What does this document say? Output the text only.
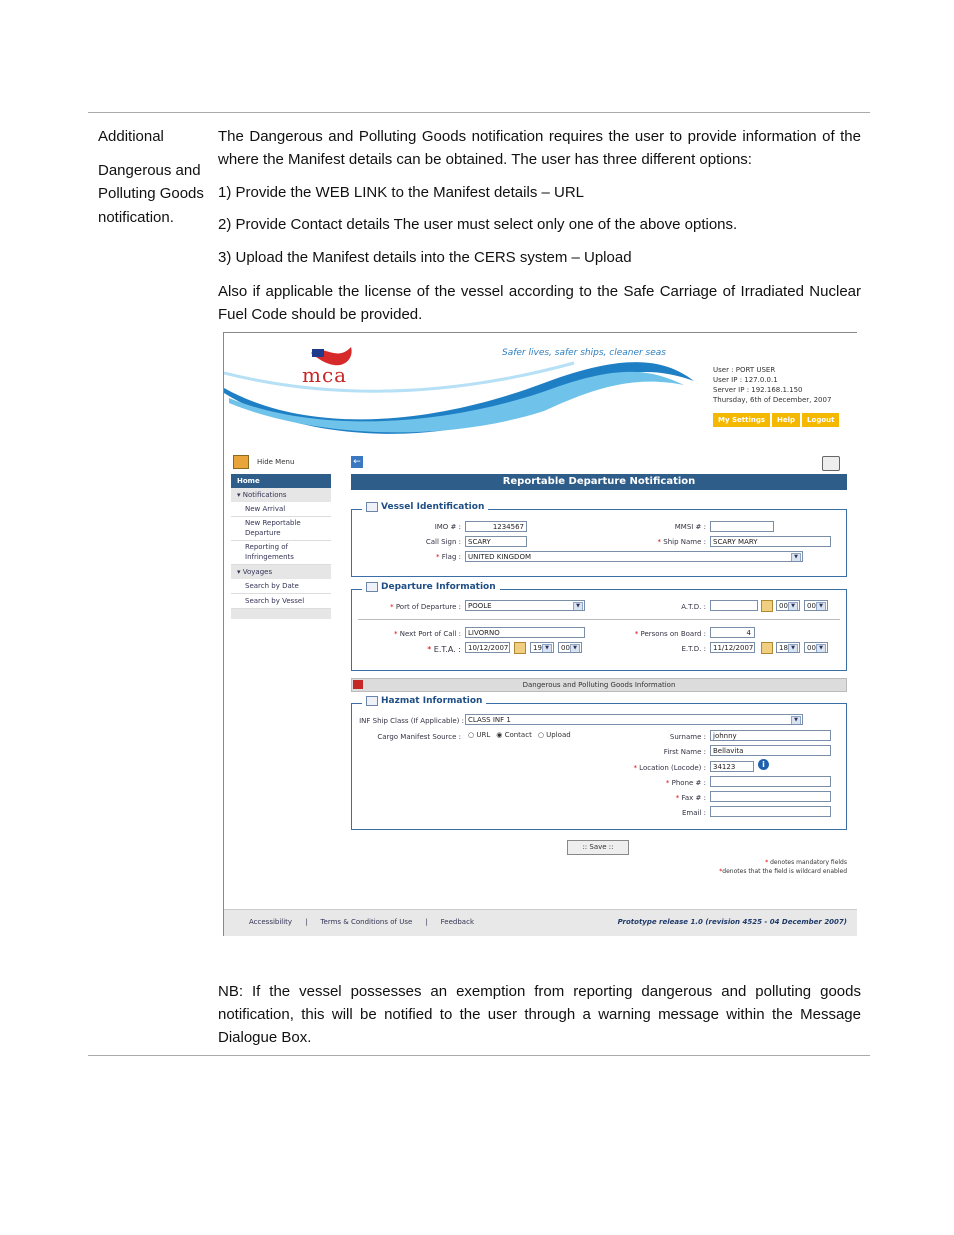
Additional

Dangerous and Polluting Goods notification.

The Dangerous and Polluting Goods notification requires the user to provide information of the where the Manifest details can be obtained. The user has three different options:
1) Provide the WEB LINK to the Manifest details – URL
2) Provide Contact details The user must select only one of the above options.
3) Upload the Manifest details into the CERS system – Upload
Also if applicable the license of the vessel according to the Safe Carriage of Irradiated Nuclear Fuel Code should be provided.
mca
Safer lives, safer ships, cleaner seas
User : PORT USER
User IP : 127.0.0.1
Server IP : 192.168.1.150
Thursday, 6th of December, 2007
My Settings	Help	Logout
Hide Menu
Home
▾ Notifications
New Arrival
New Reportable Departure
Reporting of Infringements
▾ Voyages
Search by Date
Search by Vessel
←
Reportable Departure Notification
Vessel Identification
IMO # :	1234567	MMSI # :
Call Sign :	SCARY	* Ship Name :	SCARY MARY
* Flag :	UNITED KINGDOM	▼
Departure Information
* Port of Departure :	POOLE	▼	A.T.D. :	00 ▼	00 ▼
* Next Port of Call :	LIVORNO	* Persons on Board :	4
* E.T.A. :	10/12/2007	19 ▼	00 ▼	E.T.D. :	11/12/2007	18 ▼	00 ▼
Dangerous and Polluting Goods Information
Hazmat Information
INF Ship Class (If Applicable) : CLASS INF 1	▼
Cargo Manifest Source : ○ URL ◉ Contact ○ Upload	Surname :	johnny
First Name :	Bellavita
* Location (Locode) :	34123	i
* Phone # :
* Fax # :
Email :
:: Save ::
* denotes mandatory fields
*denotes that the field is wildcard enabled
Accessibility | Terms & Conditions of Use | Feedback	Prototype release 1.0 (revision 4525 - 04 December 2007)
NB: If the vessel possesses an exemption from reporting dangerous and polluting goods notification, this will be notified to the user through a warning message within the Message Dialogue Box.
